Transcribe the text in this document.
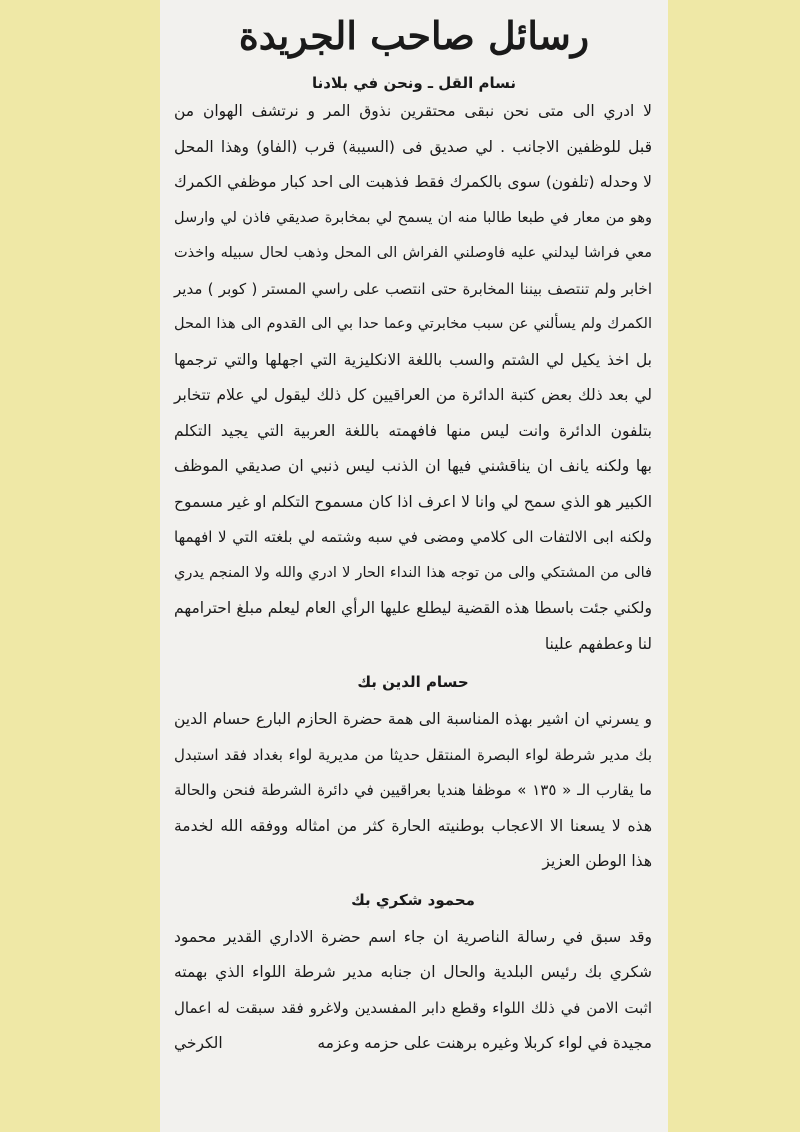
رسائل صاحب الجريدة
نسام القل ـ ونحن في بلادنا
لا ادري الى متى نحن نبقى محتقرين نذوق المر و نرتشف الهوان من
قبل للوظفين الاجانب . لي صديق فى (السيبة) قرب (الفاو) وهذا المحل
لا وحدله (تلفون) سوى بالكمرك فقط فذهبت الى احد كبار موظفي الكمرك
وهو من معار في طبعا طالبا منه ان يسمح لي بمخابرة صديقي فاذن لي وارسل
معي فراشا ليدلني عليه فاوصلني الفراش الى المحل وذهب لحال سبيله واخذت
اخابر ولم تنتصف بيننا المخابرة حتى انتصب على راسي المستر ( كوبر ) مدير
الكمرك ولم يسألني عن سبب مخابرتي وعما حدا بي الى القدوم الى هذا المحل
بل اخذ يكيل لي الشتم والسب باللغة الانكليزية التي اجهلها والتي ترجمها
لي بعد ذلك بعض كتبة الدائرة من العراقيين كل ذلك ليقول لي علام تتخابر
بتلفون الدائرة وانت ليس منها فافهمته باللغة العربية التي يجيد التكلم
بها ولكنه يانف ان يناقشني فيها ان الذنب ليس ذنبي ان صديقي الموظف
الكبير هو الذي سمح لي وانا لا اعرف اذا كان مسموح التكلم او غير مسموح
ولكنه ابى الالتفات الى كلامي ومضى في سبه وشتمه لي بلغته التي لا افهمها
فالى من المشتكي والى من توجه هذا النداء الحار لا ادري والله ولا المنجم يدري
ولكني جئت باسطا هذه القضية ليطلع عليها الرأي العام ليعلم مبلغ احترامهم
لنا وعطفهم علينا
حسام الدين بك
و يسرني ان اشير بهذه المناسبة الى همة حضرة الحازم البارع حسام الدين
بك مدير شرطة لواء البصرة المنتقل حديثا من مديرية لواء بغداد فقد استبدل
ما يقارب الـ « ١٣٥ » موظفا هنديا بعراقيين في دائرة الشرطة فنحن والحالة
هذه لا يسعنا الا الاعجاب بوطنيته الحارة كثر من امثاله ووفقه الله لخدمة
هذا الوطن العزيز
محمود شكري بك
وقد سبق في رسالة الناصرية ان جاء اسم حضرة الاداري القدير محمود
شكري بك رئيس البلدية والحال ان جنابه مدير شرطة اللواء الذي بهمته
اثبت الامن في ذلك اللواء وقطع دابر المفسدين ولاغرو فقد سبقت له اعمال
مجيدة في لواء كربلا وغيره برهنت على حزمه وعزمه
الكرخي
